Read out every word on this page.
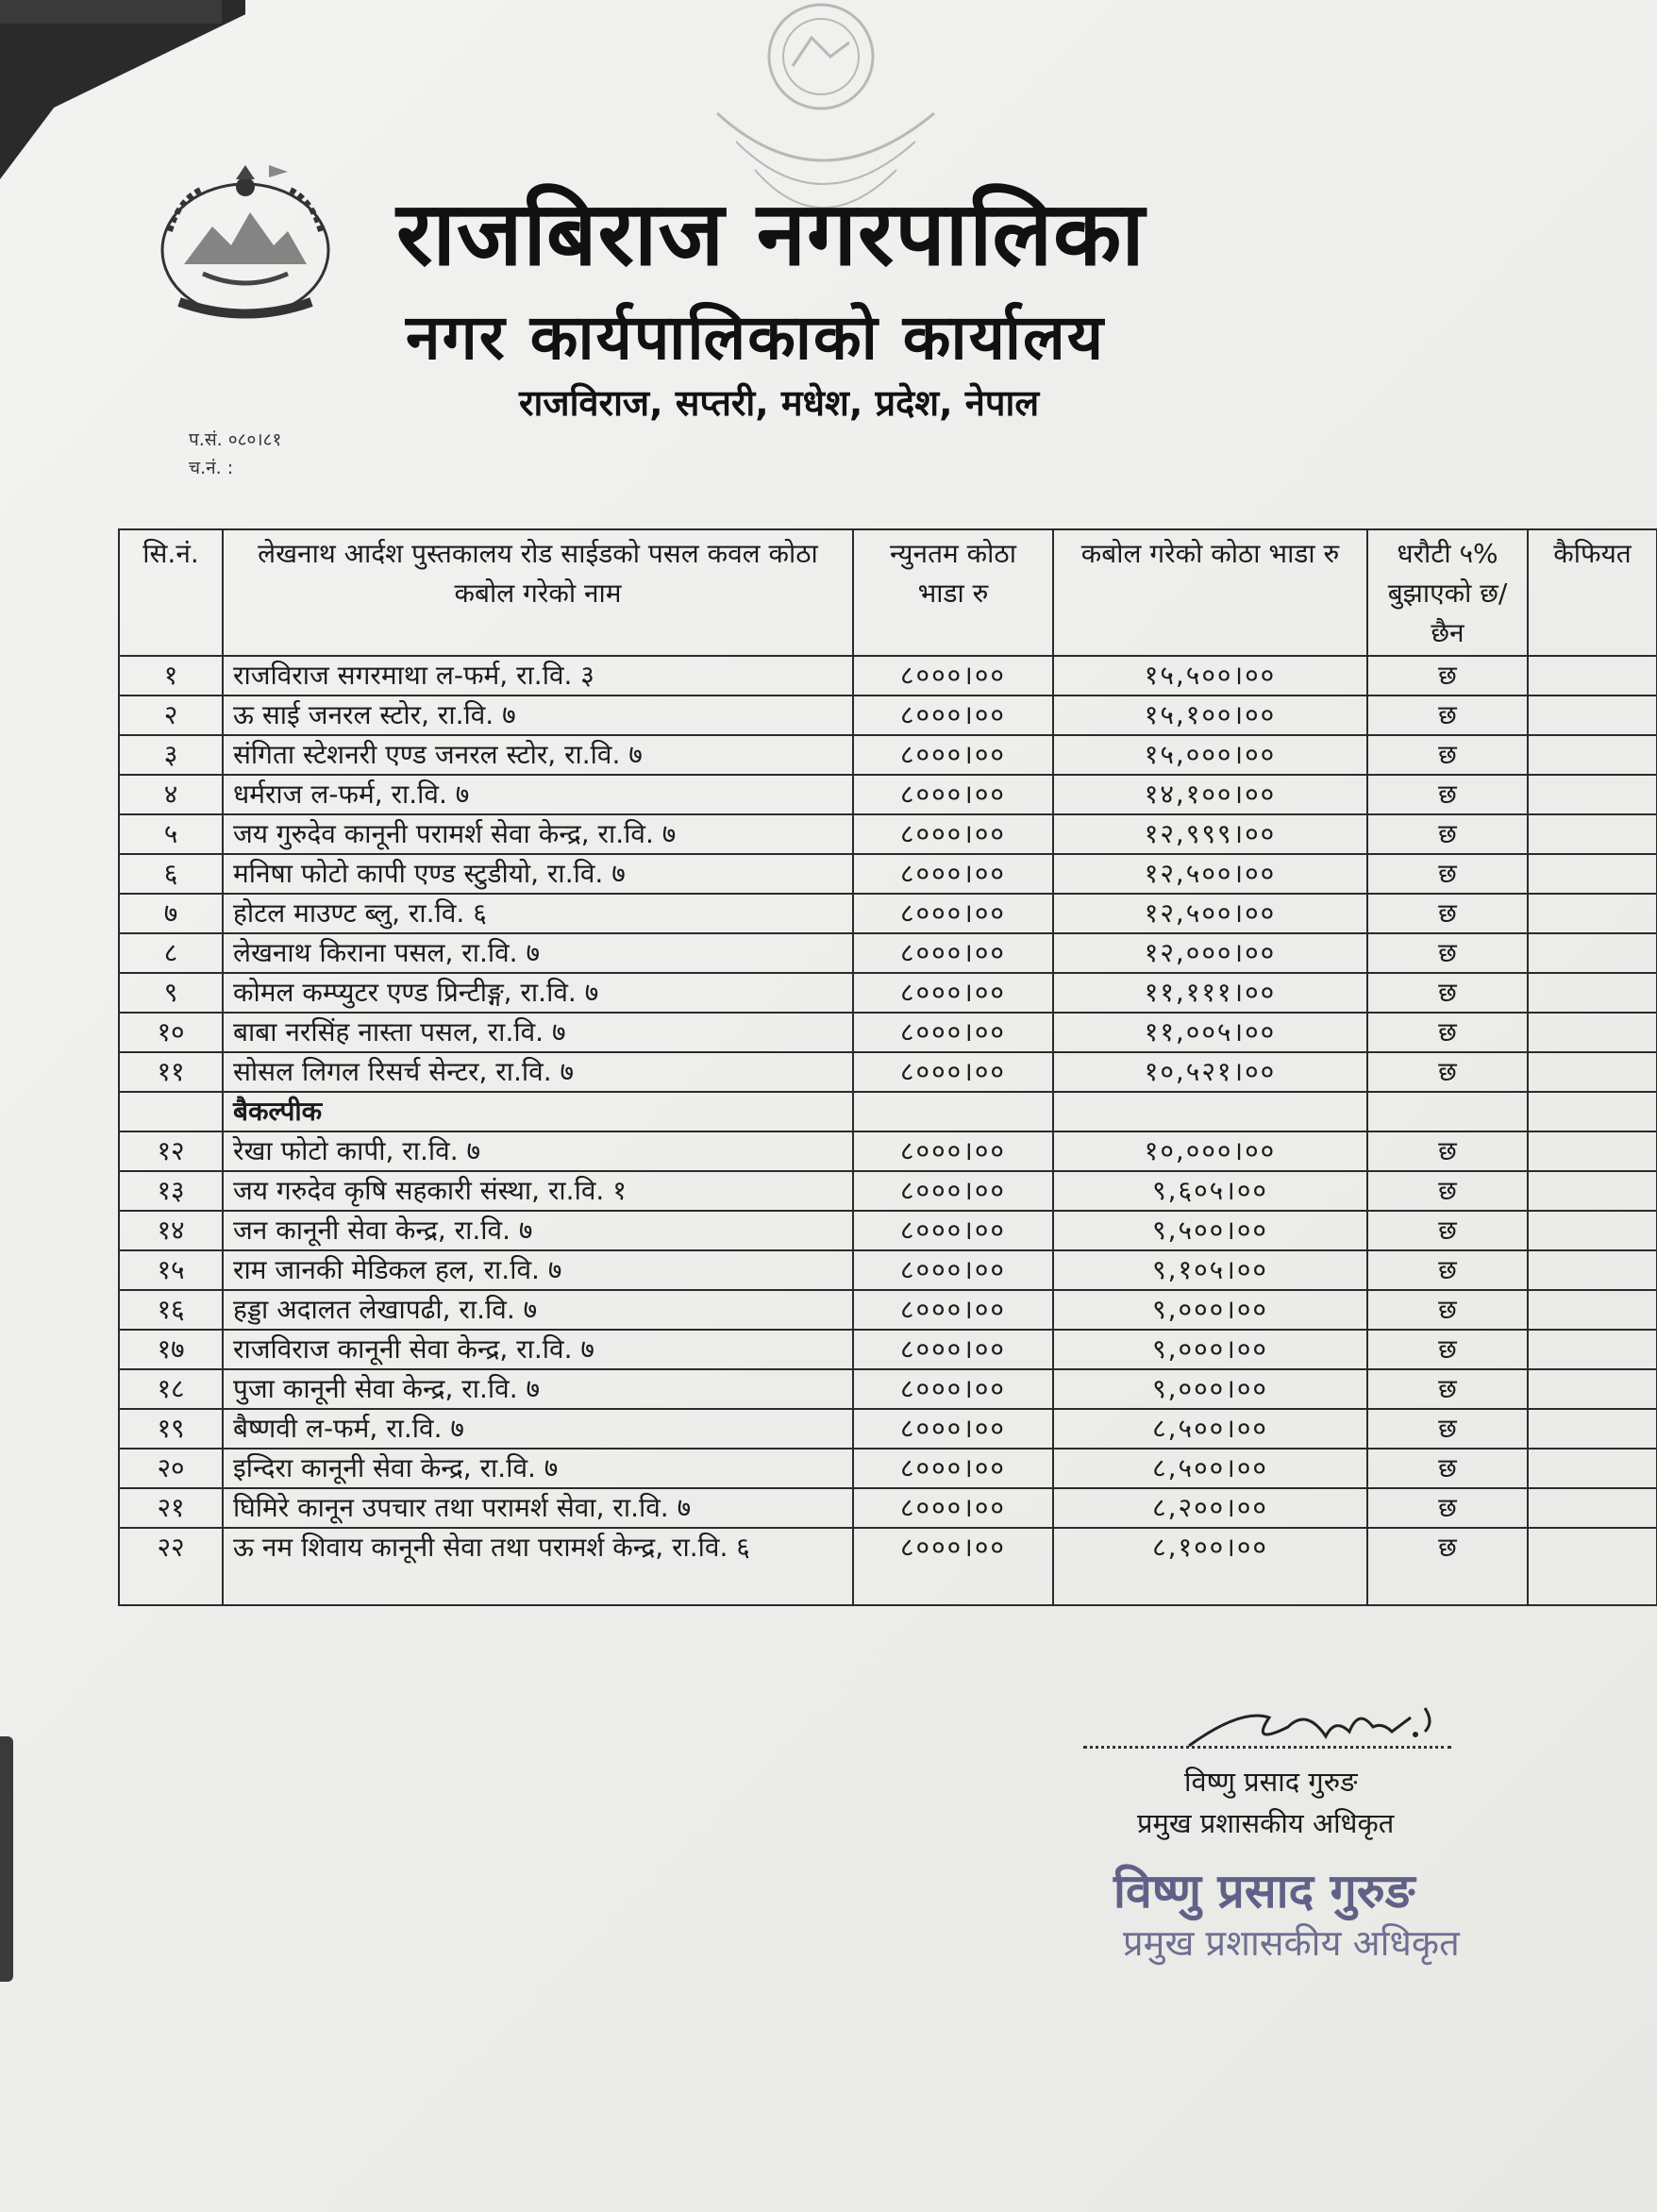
राजबिराज नगरपालिका
नगर कार्यपालिकाको कार्यालय
राजविराज, सप्तरी, मधेश, प्रदेश, नेपाल
प.सं. ०८०।८१
च.नं. :
सि.नं.	लेखनाथ आर्दश पुस्तकालय रोड साईडको पसल कवल कोठा कबोल गरेको नाम	न्युनतम कोठा भाडा रु	कबोल गरेको कोठा भाडा रु	धरौटी ५% बुझाएको छ/छैन	कैफियत
१	राजविराज सगरमाथा ल-फर्म, रा.वि. ३	८०००।००	१५,५००।००	छ	
२	ऊ साई जनरल स्टोर, रा.वि. ७	८०००।००	१५,१००।००	छ	
३	संगिता स्टेशनरी एण्ड जनरल स्टोर, रा.वि. ७	८०००।००	१५,०००।००	छ	
४	धर्मराज ल-फर्म, रा.वि. ७	८०००।००	१४,१००।००	छ	
५	जय गुरुदेव कानूनी परामर्श सेवा केन्द्र, रा.वि. ७	८०००।००	१२,९९९।००	छ	
६	मनिषा फोटो कापी एण्ड स्टुडीयो, रा.वि. ७	८०००।००	१२,५००।००	छ	
७	होटल माउण्ट ब्लु, रा.वि. ६	८०००।००	१२,५००।००	छ	
८	लेखनाथ किराना पसल, रा.वि. ७	८०००।००	१२,०००।००	छ	
९	कोमल कम्प्युटर एण्ड प्रिन्टीङ्ग, रा.वि. ७	८०००।००	११,१११।००	छ	
१०	बाबा नरसिंह नास्ता पसल, रा.वि. ७	८०००।००	११,००५।००	छ	
११	सोसल लिगल रिसर्च सेन्टर, रा.वि. ७	८०००।००	१०,५२१।००	छ	
	बैकल्पीक				
१२	रेखा फोटो कापी, रा.वि. ७	८०००।००	१०,०००।००	छ	
१३	जय गरुदेव कृषि सहकारी संस्था, रा.वि. १	८०००।००	९,६०५।००	छ	
१४	जन कानूनी सेवा केन्द्र, रा.वि. ७	८०००।००	९,५००।००	छ	
१५	राम जानकी मेडिकल हल, रा.वि. ७	८०००।००	९,१०५।००	छ	
१६	हड्डा अदालत लेखापढी, रा.वि. ७	८०००।००	९,०००।००	छ	
१७	राजविराज कानूनी सेवा केन्द्र, रा.वि. ७	८०००।००	९,०००।००	छ	
१८	पुजा कानूनी सेवा केन्द्र, रा.वि. ७	८०००।००	९,०००।००	छ	
१९	बैष्णवी ल-फर्म, रा.वि. ७	८०००।००	८,५००।००	छ	
२०	इन्दिरा कानूनी सेवा केन्द्र, रा.वि. ७	८०००।००	८,५००।००	छ	
२१	घिमिरे कानून उपचार तथा परामर्श सेवा, रा.वि. ७	८०००।००	८,२००।००	छ	
२२	ऊ नम शिवाय कानूनी सेवा तथा परामर्श केन्द्र, रा.वि. ६	८०००।००	८,१००।००	छ	
विष्णु प्रसाद गुरुङ
प्रमुख प्रशासकीय अधिकृत
विष्णु प्रसाद गुरुङ
प्रमुख प्रशासकीय अधिकृत
